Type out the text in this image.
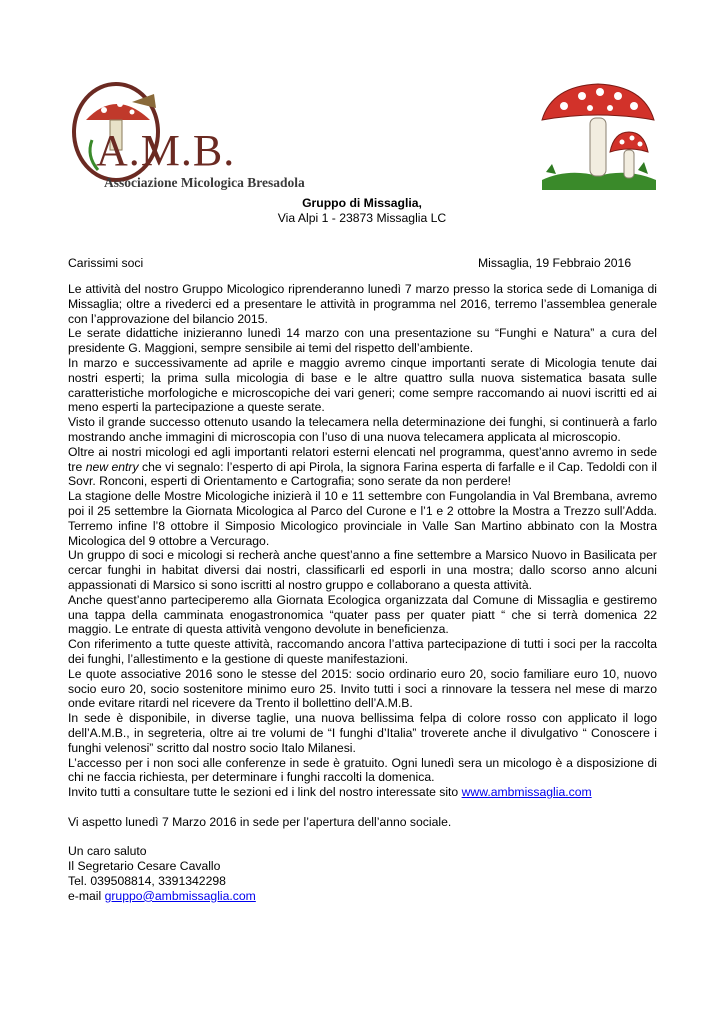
A.M.B.
Associazione Micologica Bresadola
Gruppo di Missaglia,
Via Alpi 1 - 23873 Missaglia LC
Carissimi soci	Missaglia, 19 Febbraio 2016

Le attività del nostro Gruppo Micologico riprenderanno lunedì 7 marzo presso la storica sede di Lomaniga di Missaglia; oltre a rivederci ed a presentare le attività in programma nel 2016, terremo l’assemblea generale con l’approvazione del bilancio 2015.

Le serate didattiche inizieranno lunedì 14 marzo con una presentazione su “Funghi e Natura” a cura del presidente G. Maggioni, sempre sensibile ai temi del rispetto dell’ambiente.

In marzo e successivamente ad aprile e maggio avremo cinque importanti serate di Micologia tenute dai nostri esperti; la prima sulla micologia di base e le altre quattro sulla nuova sistematica basata sulle caratteristiche morfologiche e microscopiche dei vari generi; come sempre raccomando ai nuovi iscritti ed ai meno esperti la partecipazione a queste serate.

Visto il grande successo ottenuto usando la telecamera nella determinazione dei funghi, si continuerà a farlo mostrando anche immagini di microscopia con l’uso di una nuova telecamera applicata al microscopio.

Oltre ai nostri micologi ed agli importanti relatori esterni elencati nel programma, quest’anno avremo in sede tre new entry che vi segnalo: l’esperto di api Pirola, la signora Farina esperta di farfalle e il Cap. Tedoldi con il Sovr. Ronconi, esperti di Orientamento e Cartografia; sono serate da non perdere!

La stagione delle Mostre Micologiche inizierà il 10 e 11 settembre con Fungolandia in Val Brembana, avremo poi il 25 settembre la Giornata Micologica al Parco del Curone e l’1 e 2 ottobre la Mostra a Trezzo sull’Adda. Terremo infine l’8 ottobre il Simposio Micologico provinciale in Valle San Martino abbinato con la Mostra Micologica del 9 ottobre a Vercurago.

Un gruppo di soci e micologi si recherà anche quest’anno a fine settembre a Marsico Nuovo in Basilicata per cercar funghi in habitat diversi dai nostri, classificarli ed esporli in una mostra; dallo scorso anno alcuni appassionati di Marsico si sono iscritti al nostro gruppo e collaborano a questa attività.

Anche quest’anno parteciperemo alla Giornata Ecologica organizzata dal Comune di Missaglia e gestiremo una tappa della camminata enogastronomica “quater pass per quater piatt “ che si terrà domenica 22 maggio. Le entrate di questa attività vengono devolute in beneficienza.

Con riferimento a tutte queste attività, raccomando ancora l’attiva partecipazione di tutti i soci per la raccolta dei funghi, l’allestimento e la gestione di queste manifestazioni.

Le quote associative 2016 sono le stesse del 2015: socio ordinario euro 20, socio familiare euro 10, nuovo socio euro 20, socio sostenitore minimo euro 25. Invito tutti i soci a rinnovare la tessera nel mese di marzo onde evitare ritardi nel ricevere da Trento il bollettino dell’A.M.B.

In sede è disponibile, in diverse taglie, una nuova bellissima felpa di colore rosso con applicato il logo dell’A.M.B., in segreteria, oltre ai tre volumi de “I funghi d’Italia” troverete anche il divulgativo “ Conoscere i funghi velenosi” scritto dal nostro socio Italo Milanesi.

L’accesso per i non soci alle conferenze in sede è gratuito. Ogni lunedì sera un micologo è a disposizione di chi ne faccia richiesta, per determinare i funghi raccolti la domenica.

Invito tutti a consultare tutte le sezioni ed i link del nostro interessate sito www.ambmissaglia.com

Vi aspetto lunedì 7 Marzo 2016 in sede per l’apertura dell’anno sociale.

Un caro saluto

Il Segretario Cesare Cavallo

Tel. 039508814, 3391342298

e-mail gruppo@ambmissaglia.com
